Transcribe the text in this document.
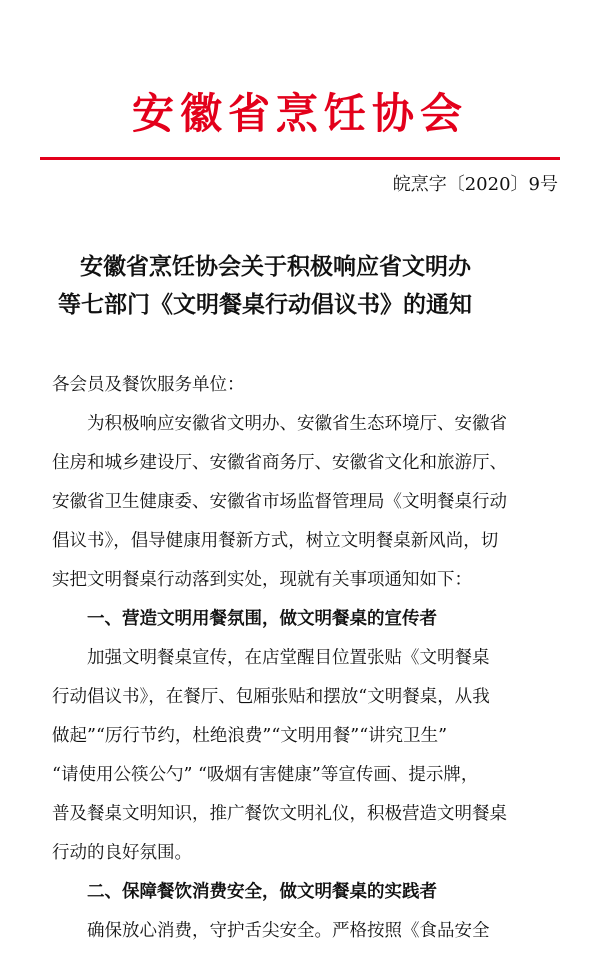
安徽省烹饪协会
皖烹字〔2020〕9号
安徽省烹饪协会关于积极响应省文明办
等七部门《文明餐桌行动倡议书》的通知
各会员及餐饮服务单位：
为积极响应安徽省文明办、安徽省生态环境厅、安徽省
住房和城乡建设厅、安徽省商务厅、安徽省文化和旅游厅、
安徽省卫生健康委、安徽省市场监督管理局《文明餐桌行动
倡议书》，倡导健康用餐新方式，树立文明餐桌新风尚，切
实把文明餐桌行动落到实处，现就有关事项通知如下：
一、营造文明用餐氛围，做文明餐桌的宣传者
加强文明餐桌宣传，在店堂醒目位置张贴《文明餐桌
行动倡议书》，在餐厅、包厢张贴和摆放“文明餐桌，从我
做起”“厉行节约，杜绝浪费”“文明用餐”“讲究卫生”
“请使用公筷公勺” “吸烟有害健康”等宣传画、提示牌，
普及餐桌文明知识，推广餐饮文明礼仪，积极营造文明餐桌
行动的良好氛围。
二、保障餐饮消费安全，做文明餐桌的实践者
确保放心消费，守护舌尖安全。严格按照《食品安全
